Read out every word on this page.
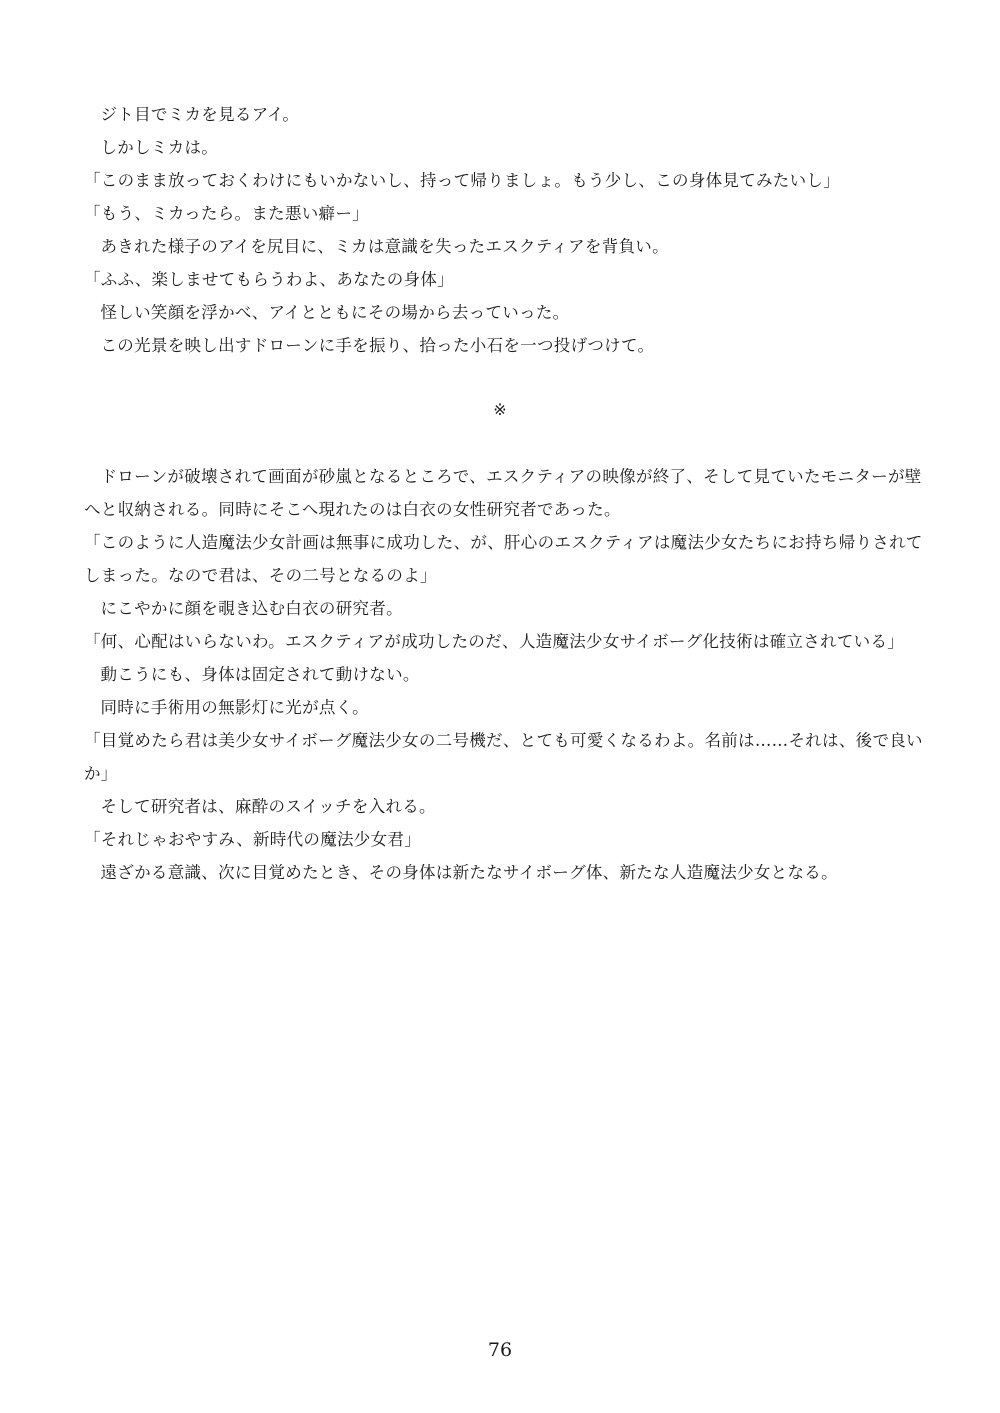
ジト目でミカを見るアイ。

しかしミカは。

「このまま放っておくわけにもいかないし、持って帰りましょ。もう少し、この身体見てみたいし」

「もう、ミカったら。また悪い癖ー」

あきれた様子のアイを尻目に、ミカは意識を失ったエスクティアを背負い。

「ふふ、楽しませてもらうわよ、あなたの身体」

怪しい笑顔を浮かべ、アイとともにその場から去っていった。

この光景を映し出すドローンに手を振り、拾った小石を一つ投げつけて。

※

ドローンが破壊されて画面が砂嵐となるところで、エスクティアの映像が終了、そして見ていたモニターが壁へと収納される。同時にそこへ現れたのは白衣の女性研究者であった。

「このように人造魔法少女計画は無事に成功した、が、肝心のエスクティアは魔法少女たちにお持ち帰りされてしまった。なので君は、その二号となるのよ」

にこやかに顔を覗き込む白衣の研究者。

「何、心配はいらないわ。エスクティアが成功したのだ、人造魔法少女サイボーグ化技術は確立されている」

動こうにも、身体は固定されて動けない。

同時に手術用の無影灯に光が点く。

「目覚めたら君は美少女サイボーグ魔法少女の二号機だ、とても可愛くなるわよ。名前は……それは、後で良いか」

そして研究者は、麻酔のスイッチを入れる。

「それじゃおやすみ、新時代の魔法少女君」

遠ざかる意識、次に目覚めたとき、その身体は新たなサイボーグ体、新たな人造魔法少女となる。

76
